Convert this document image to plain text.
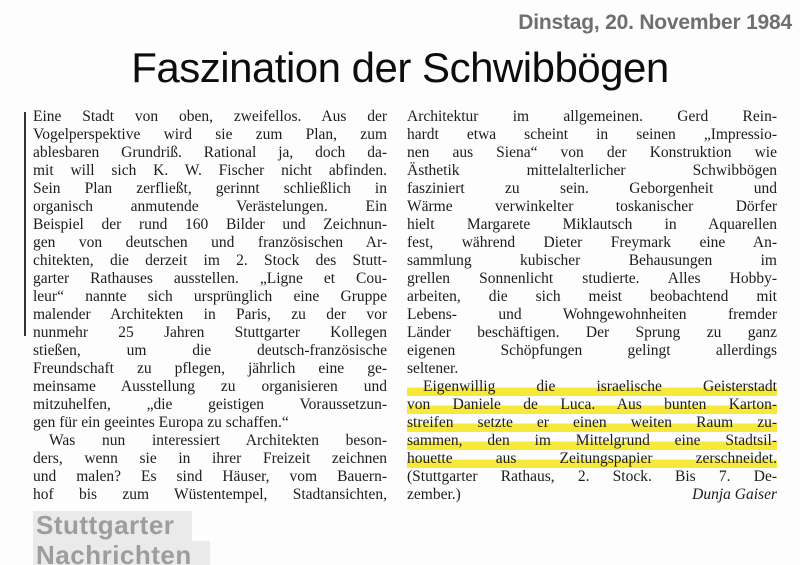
Dinstag, 20. November 1984
Faszination der Schwibbögen
Eine Stadt von oben, zweifellos. Aus der
Vogelperspektive wird sie zum Plan, zum
ablesbaren Grundriß. Rational ja, doch da-
mit will sich K. W. Fischer nicht abfinden.
Sein Plan zerfließt, gerinnt schließlich in
organisch anmutende Verästelungen. Ein
Beispiel der rund 160 Bilder und Zeichnun-
gen von deutschen und französischen Ar-
chitekten, die derzeit im 2. Stock des Stutt-
garter Rathauses ausstellen. „Ligne et Cou-
leur“ nannte sich ursprünglich eine Gruppe
malender Architekten in Paris, zu der vor
nunmehr 25 Jahren Stuttgarter Kollegen
stießen, um die deutsch-französische
Freundschaft zu pflegen, jährlich eine ge-
meinsame Ausstellung zu organisieren und
mitzuhelfen, „die geistigen Voraussetzun-
gen für ein geeintes Europa zu schaffen.“
Was nun interessiert Architekten beson-
ders, wenn sie in ihrer Freizeit zeichnen
und malen? Es sind Häuser, vom Bauern-
hof bis zum Wüstentempel, Stadtansichten,
Architektur im allgemeinen. Gerd Rein-
hardt etwa scheint in seinen „Impressio-
nen aus Siena“ von der Konstruktion wie
Ästhetik mittelalterlicher Schwibbögen
fasziniert zu sein. Geborgenheit und
Wärme verwinkelter toskanischer Dörfer
hielt Margarete Miklautsch in Aquarellen
fest, während Dieter Freymark eine An-
sammlung kubischer Behausungen im
grellen Sonnenlicht studierte. Alles Hobby-
arbeiten, die sich meist beobachtend mit
Lebens- und Wohngewohnheiten fremder
Länder beschäftigen. Der Sprung zu ganz
eigenen Schöpfungen gelingt allerdings
seltener.
Eigenwillig die israelische Geisterstadt
von Daniele de Luca. Aus bunten Karton-
streifen setzte er einen weiten Raum zu-
sammen, den im Mittelgrund eine Stadtsil-
houette aus Zeitungspapier zerschneidet.
(Stuttgarter Rathaus, 2. Stock. Bis 7. De-
zember.)	Dunja Gaiser
Stuttgarter
Nachrichten
